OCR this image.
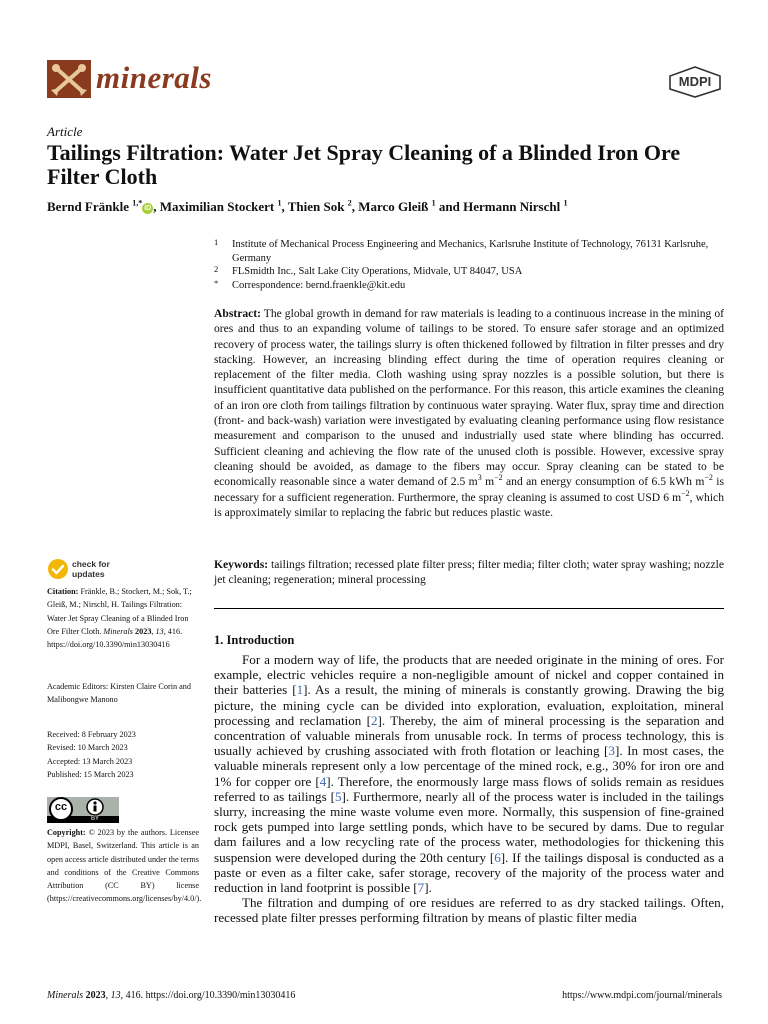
minerals	MDPI
Article
Tailings Filtration: Water Jet Spray Cleaning of a Blinded Iron Ore Filter Cloth
Bernd Fränkle $^{1,*}$iD , Maximilian Stockert $^1$, Thien Sok $^2$, Marco Gleiß $^1$ and Hermann Nirschl $^1$
1 Institute of Mechanical Process Engineering and Mechanics, Karlsruhe Institute of Technology, 76131 Karlsruhe, Germany
2 FLSmidth Inc., Salt Lake City Operations, Midvale, UT 84047, USA
* Correspondence: bernd.fraenkle@kit.edu

Abstract: The global growth in demand for raw materials is leading to a continuous increase in the mining of ores and thus to an expanding volume of tailings to be stored. To ensure safer storage and an optimized recovery of process water, the tailings slurry is often thickened followed by filtration in filter presses and dry stacking. However, an increasing blinding effect during the time of operation requires cleaning or replacement of the filter media. Cloth washing using spray nozzles is a possible solution, but there is insufficient quantitative data published on the performance. For this reason, this article examines the cleaning of an iron ore cloth from tailings filtration by continuous water spraying. Water flux, spray time and direction (front- and back-wash) variation were investigated by evaluating cleaning performance using flow resistance measurement and comparison to the unused and industrially used state where blinding has occurred. Sufficient cleaning and achieving the flow rate of the unused cloth is possible. However, excessive spray cleaning should be avoided, as damage to the fibers may occur. Spray cleaning can be stated to be economically reasonable since a water demand of 2.5 $m^3$ $m^{-2}$ and an energy consumption of 6.5 kWh $m^{-2}$ is necessary for a sufficient regeneration. Furthermore, the spray cleaning is assumed to cost USD 6 $m^{-2}$, which is approximately similar to replacing the fabric but reduces plastic waste.

Keywords: tailings filtration; recessed plate filter press; filter media; filter cloth; water spray washing; nozzle jet cleaning; regeneration; mineral processing

check for
updates
Citation: Fränkle, B.; Stockert, M.; Sok, T.; Gleiß, M.; Nirschl, H. Tailings Filtration: Water Jet Spray Cleaning of a Blinded Iron Ore Filter Cloth. Minerals 2023, 13, 416. https://doi.org/10.3390/min13030416
Academic Editors: Kirsten Claire Corin and Malibongwe Manono
Received: 8 February 2023
Revised: 10 March 2023
Accepted: 13 March 2023
Published: 15 March 2023
cc
BY
Copyright: © 2023 by the authors. Licensee MDPI, Basel, Switzerland. This article is an open access article distributed under the terms and conditions of the Creative Commons Attribution (CC BY) license (https://creativecommons.org/licenses/by/4.0/).
1. Introduction

For a modern way of life, the products that are needed originate in the mining of ores. For example, electric vehicles require a non-negligible amount of nickel and copper contained in their batteries [1]. As a result, the mining of minerals is constantly growing. Drawing the big picture, the mining cycle can be divided into exploration, evaluation, exploitation, mineral processing and reclamation [2]. Thereby, the aim of mineral processing is the separation and concentration of valuable minerals from unusable rock. In terms of process technology, this is usually achieved by crushing associated with froth flotation or leaching [3]. In most cases, the valuable minerals represent only a low percentage of the mined rock, e.g., 30% for iron ore and 1% for copper ore [4]. Therefore, the enormously large mass flows of solids remain as residues referred to as tailings [5]. Furthermore, nearly all of the process water is included in the tailings slurry, increasing the mine waste volume even more. Normally, this suspension of fine-grained rock gets pumped into large settling ponds, which have to be secured by dams. Due to regular dam failures and a low recycling rate of the process water, methodologies for thickening this suspension were developed during the 20th century [6]. If the tailings disposal is conducted as a paste or even as a filter cake, safer storage, recovery of the majority of the process water and reduction in land footprint is possible [7].

The filtration and dumping of ore residues are referred to as dry stacked tailings. Often, recessed plate filter presses performing filtration by means of plastic filter media

Minerals 2023, 13, 416. https://doi.org/10.3390/min13030416	https://www.mdpi.com/journal/minerals
